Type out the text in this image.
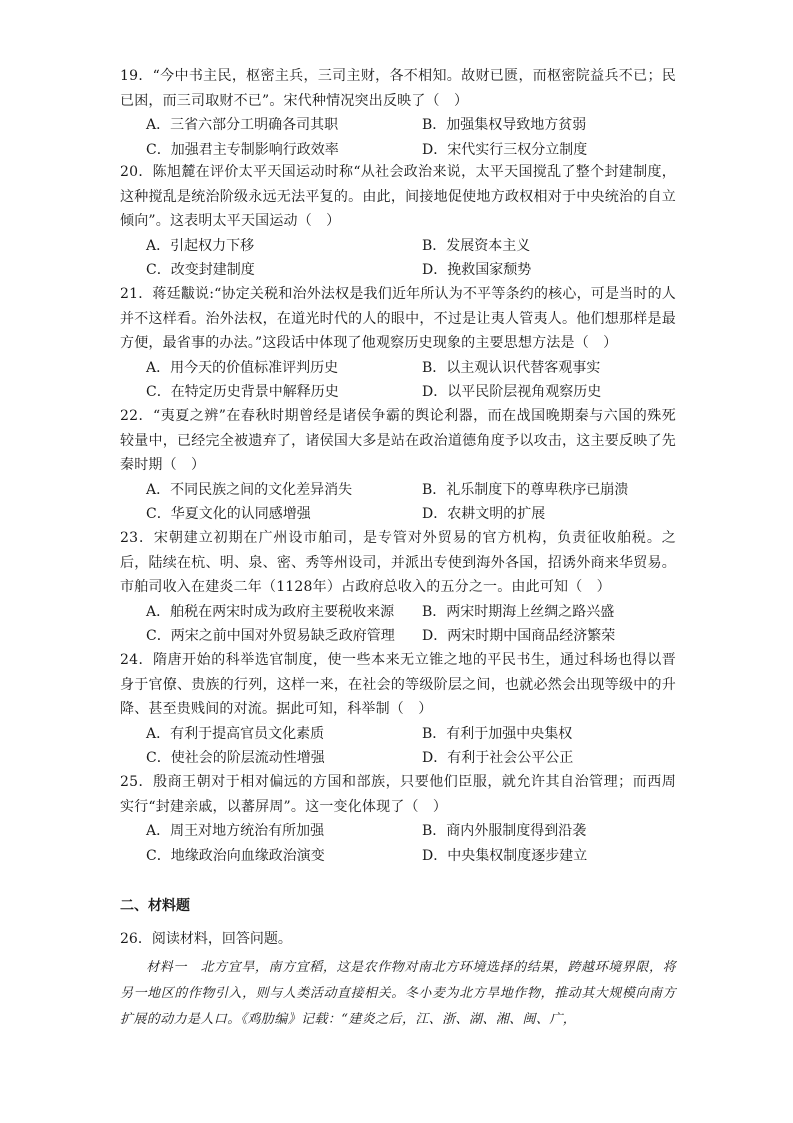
19．“今中书主民，枢密主兵，三司主财，各不相知。故财已匮，而枢密院益兵不已；民已困，而三司取财不已”。宋代种情况突出反映了（　）

A．三省六部分工明确各司其职	B．加强集权导致地方贫弱
C．加强君主专制影响行政效率	D．宋代实行三权分立制度

20．陈旭麓在评价太平天国运动时称“从社会政治来说，太平天国搅乱了整个封建制度，这种搅乱是统治阶级永远无法平复的。由此，间接地促使地方政权相对于中央统治的自立倾向”。这表明太平天国运动（　）

A．引起权力下移	B．发展资本主义
C．改变封建制度	D．挽救国家颓势

21．蒋廷黻说:“协定关税和治外法权是我们近年所认为不平等条约的核心，可是当时的人并不这样看。治外法权，在道光时代的人的眼中，不过是让夷人管夷人。他们想那样是最方便，最省事的办法。”这段话中体现了他观察历史现象的主要思想方法是（　）

A．用今天的价值标准评判历史	B．以主观认识代替客观事实
C．在特定历史背景中解释历史	D．以平民阶层视角观察历史

22．“夷夏之辨”在春秋时期曾经是诸侯争霸的舆论利器，而在战国晚期秦与六国的殊死较量中，已经完全被遗弃了，诸侯国大多是站在政治道德角度予以攻击，这主要反映了先秦时期（　）

A．不同民族之间的文化差异消失	B．礼乐制度下的尊卑秩序已崩溃
C．华夏文化的认同感增强	D．农耕文明的扩展

23．宋朝建立初期在广州设市舶司，是专管对外贸易的官方机构，负责征收舶税。之后，陆续在杭、明、泉、密、秀等州设司，并派出专使到海外各国，招诱外商来华贸易。市舶司收入在建炎二年（1128年）占政府总收入的五分之一。由此可知（　）

A．舶税在两宋时成为政府主要税收来源	B．两宋时期海上丝绸之路兴盛
C．两宋之前中国对外贸易缺乏政府管理	D．两宋时期中国商品经济繁荣

24．隋唐开始的科举选官制度，使一些本来无立锥之地的平民书生，通过科场也得以晋身于官僚、贵族的行列，这样一来，在社会的等级阶层之间，也就必然会出现等级中的升降、甚至贵贱间的对流。据此可知，科举制（　）

A．有利于提高官员文化素质	B．有利于加强中央集权
C．使社会的阶层流动性增强	D．有利于社会公平公正

25．殷商王朝对于相对偏远的方国和部族，只要他们臣服，就允许其自治管理；而西周实行“封建亲戚，以蕃屏周”。这一变化体现了（　）

A．周王对地方统治有所加强	B．商内外服制度得到沿袭
C．地缘政治向血缘政治演变	D．中央集权制度逐步建立
二、材料题
26．阅读材料，回答问题。
材料一　北方宜旱，南方宜稻，这是农作物对南北方环境选择的结果，跨越环境界限，将另一地区的作物引入，则与人类活动直接相关。冬小麦为北方旱地作物，推动其大规模向南方扩展的动力是人口。《鸡肋编》记载：“建炎之后，江、浙、湖、湘、闽、广，
